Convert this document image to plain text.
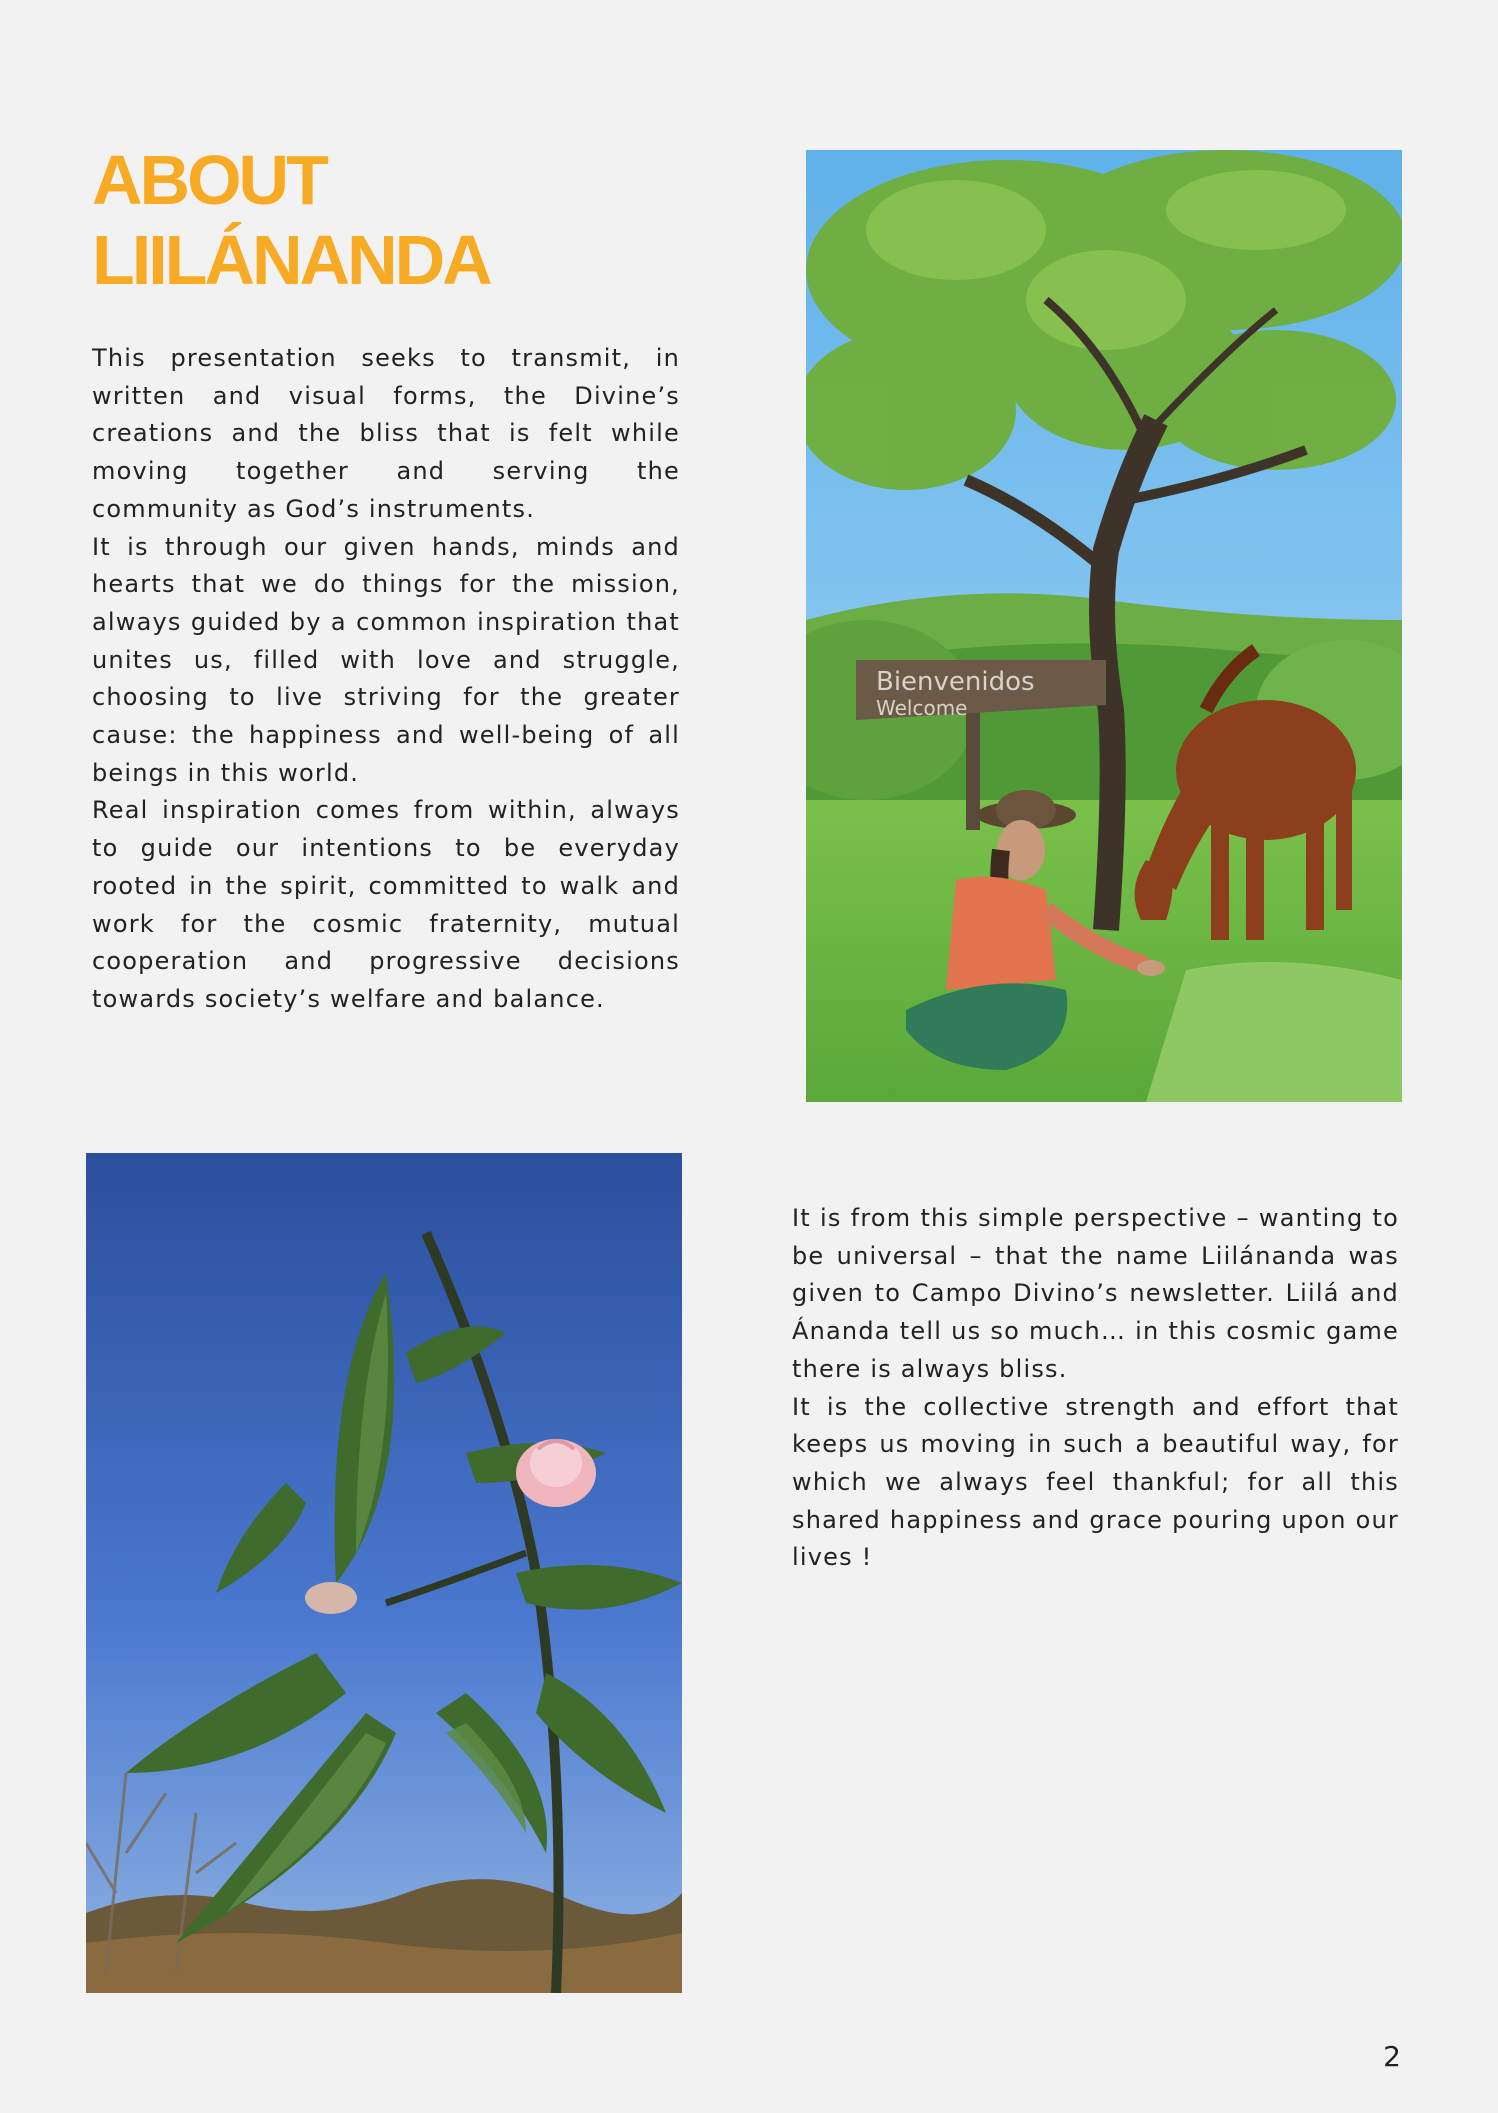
ABOUT
LIILÁNANDA

This presentation seeks to transmit, in written and visual forms, the Divine’s creations and the bliss that is felt while moving together and serving the community as God’s instruments.

It is through our given hands, minds and hearts that we do things for the mission, always guided by a common inspiration that unites us, filled with love and struggle, choosing to live striving for the greater cause: the happiness and well-being of all beings in this world.

Real inspiration comes from within, always to guide our intentions to be everyday rooted in the spirit, committed to walk and work for the cosmic fraternity, mutual cooperation and progressive decisions towards society’s welfare and balance.

Bienvenidos
Welcome

It is from this simple perspective – wanting to be universal – that the name Liilánanda was given to Campo Divino’s newsletter. Liilá and Ánanda tell us so much… in this cosmic game there is always bliss.

It is the collective strength and effort that keeps us moving in such a beautiful way, for which we always feel thankful; for all this shared happiness and grace pouring upon our lives !

2
